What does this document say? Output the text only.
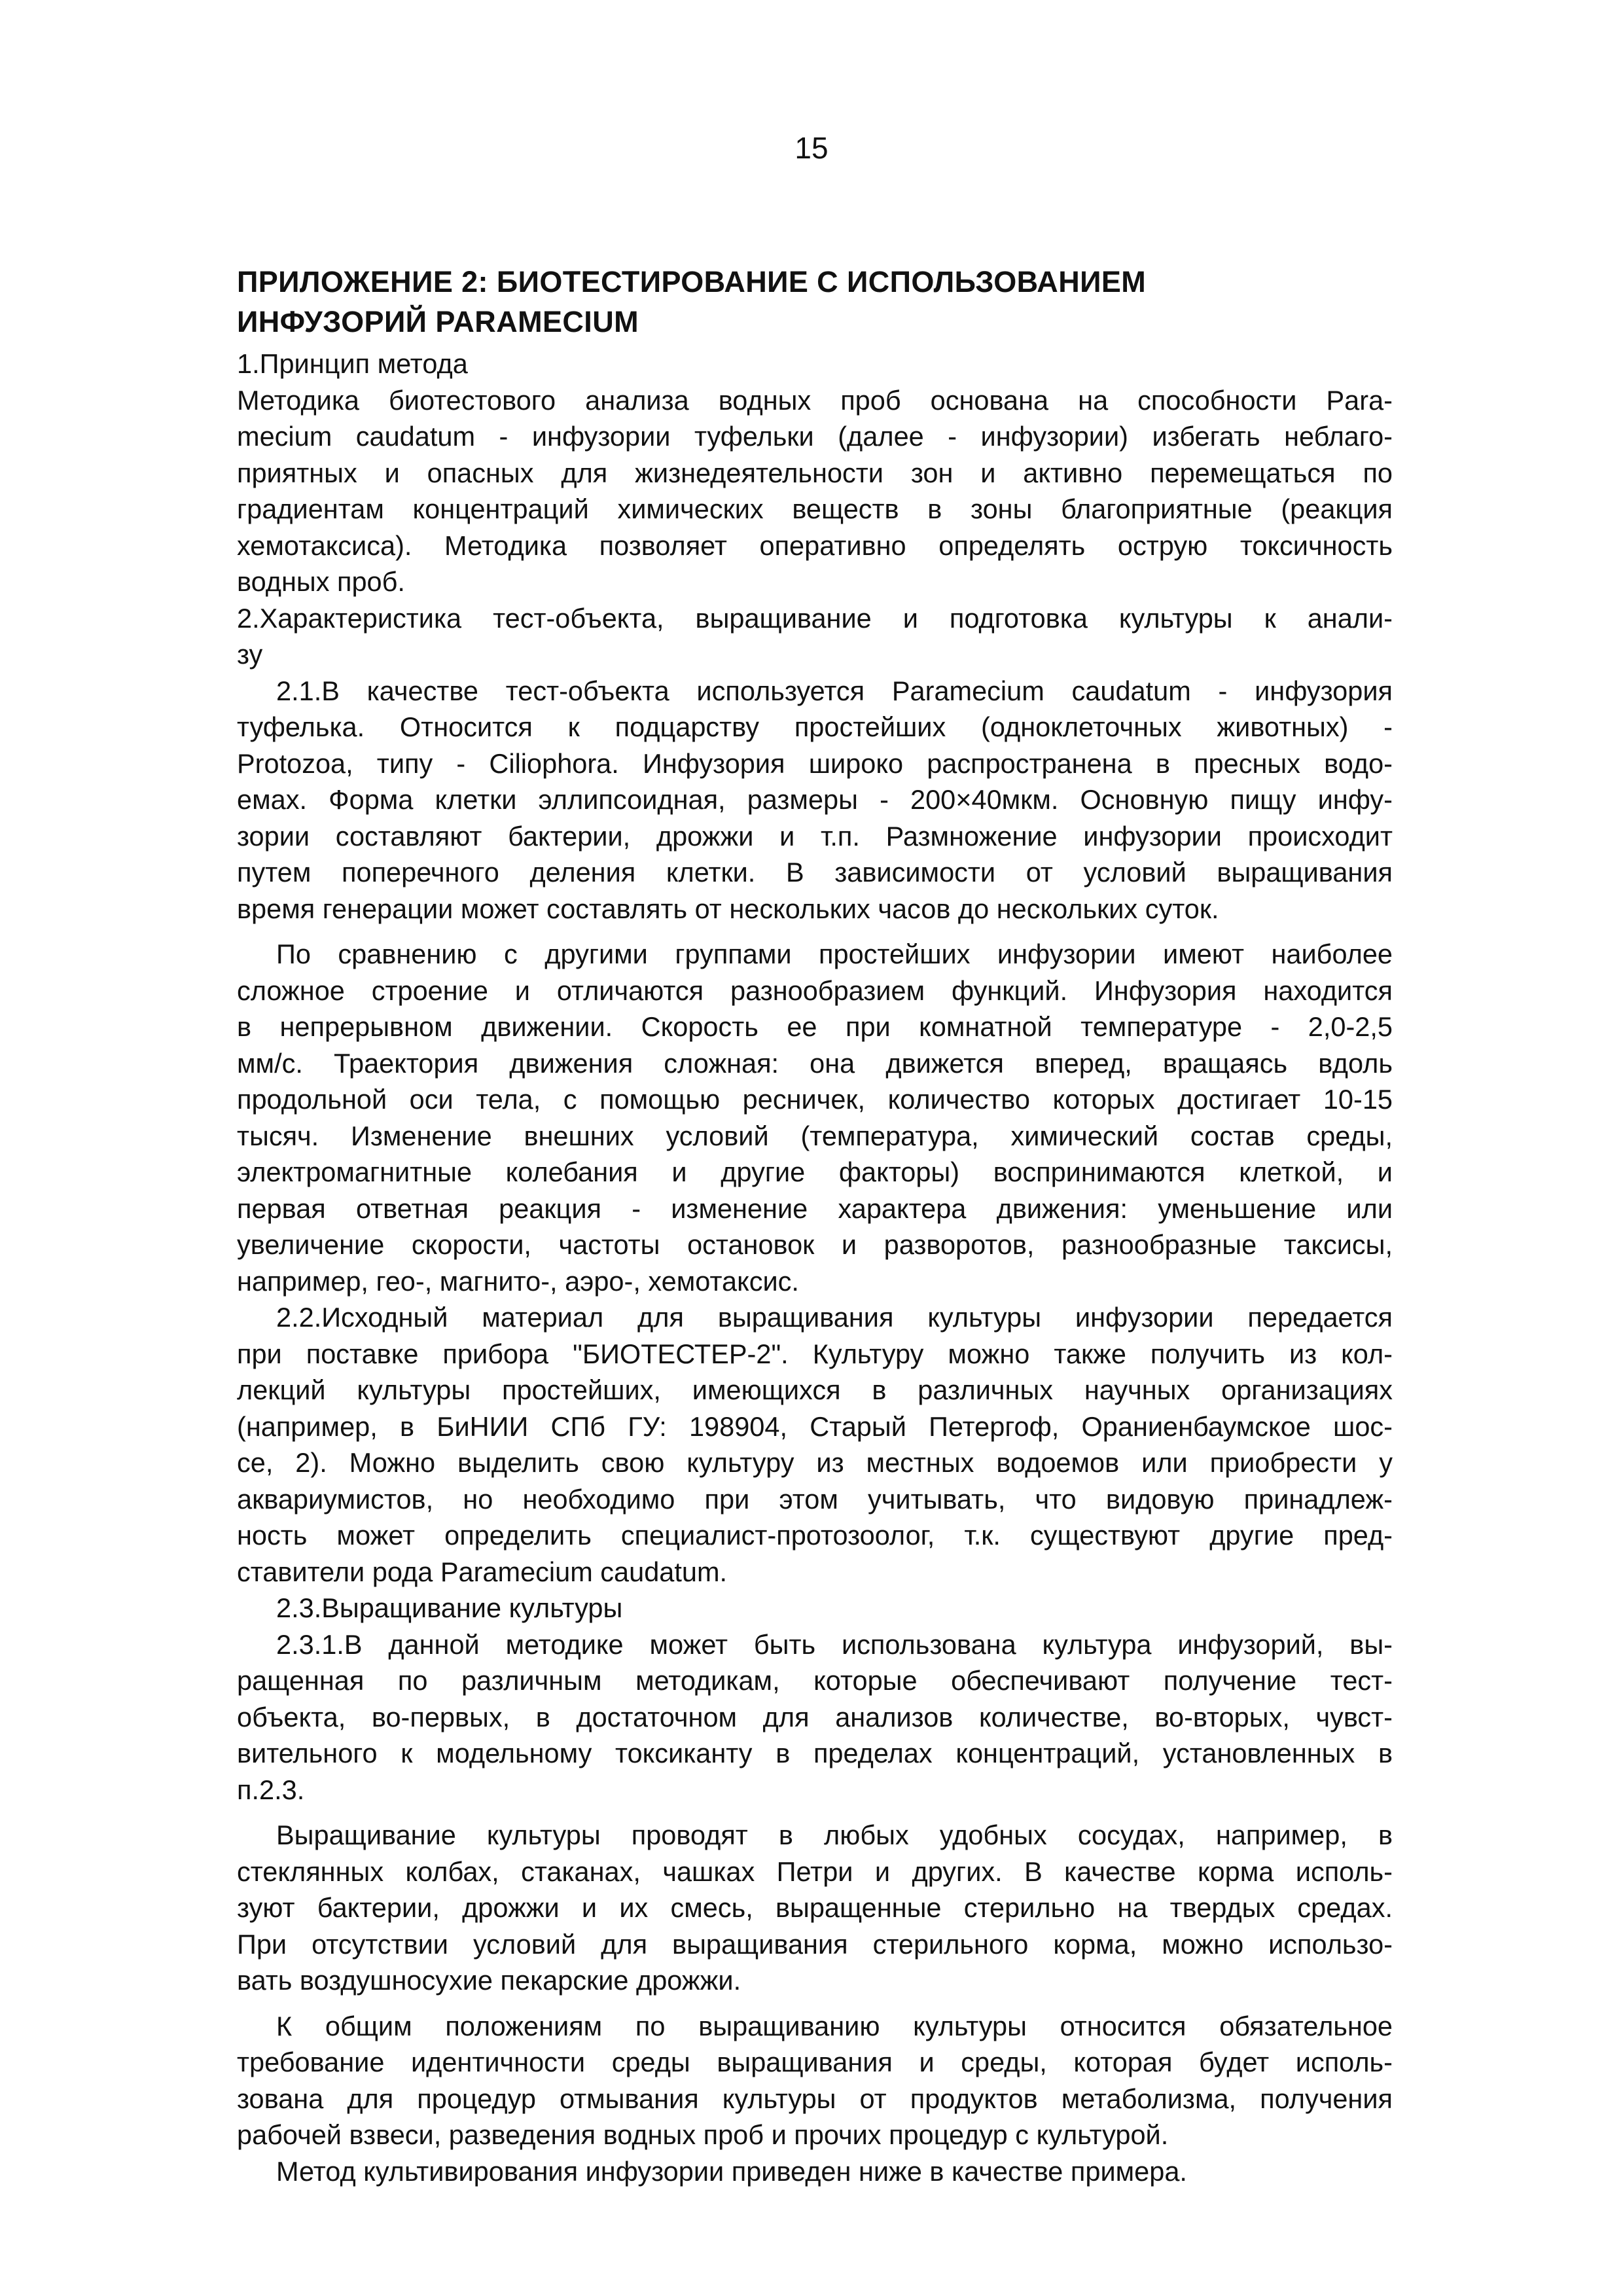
15
ПРИЛОЖЕНИЕ 2: БИОТЕСТИРОВАНИЕ С ИСПОЛЬЗОВАНИЕМ
ИНФУЗОРИЙ PARAMECIUM
1.Принцип метода
Методика биотестового анализа водных проб основана на способности Para-
mecium caudatum - инфузории туфельки (далее - инфузории) избегать неблаго-
приятных и опасных для жизнедеятельности зон и активно перемещаться по
градиентам концентраций химических веществ в зоны благоприятные (реакция
хемотаксиса). Методика позволяет оперативно определять острую токсичность
водных проб.
2.Характеристика тест-объекта, выращивание и подготовка культуры к анали-
зу
2.1.В качестве тест-объекта используется Paramecium caudatum - инфузория
туфелька. Относится к подцарству простейших (одноклеточных животных) -
Protozoa, типу - Ciliophora. Инфузория широко распространена в пресных водо-
емах. Форма клетки эллипсоидная, размеры - 200×40мкм. Основную пищу инфу-
зории составляют бактерии, дрожжи и т.п. Размножение инфузории происходит
путем поперечного деления клетки. В зависимости от условий выращивания
время генерации может составлять от нескольких часов до нескольких суток.
По сравнению с другими группами простейших инфузории имеют наиболее
сложное строение и отличаются разнообразием функций. Инфузория находится
в непрерывном движении. Скорость ее при комнатной температуре - 2,0-2,5
мм/с. Траектория движения сложная: она движется вперед, вращаясь вдоль
продольной оси тела, с помощью ресничек, количество которых достигает 10-15
тысяч. Изменение внешних условий (температура, химический состав среды,
электромагнитные колебания и другие факторы) воспринимаются клеткой, и
первая ответная реакция - изменение характера движения: уменьшение или
увеличение скорости, частоты остановок и разворотов, разнообразные таксисы,
например, гео-, магнито-, аэро-, хемотаксис.
2.2.Исходный материал для выращивания культуры инфузории передается
при поставке прибора "БИОТЕСТЕР-2". Культуру можно также получить из кол-
лекций культуры простейших, имеющихся в различных научных организациях
(например, в БиНИИ СПб ГУ: 198904, Старый Петергоф, Ораниенбаумское шос-
се, 2). Можно выделить свою культуру из местных водоемов или приобрести у
аквариумистов, но необходимо при этом учитывать, что видовую принадлеж-
ность может определить специалист-протозоолог, т.к. существуют другие пред-
ставители рода Paramecium caudatum.
2.3.Выращивание культуры
2.3.1.В данной методике может быть использована культура инфузорий, вы-
ращенная по различным методикам, которые обеспечивают получение тест-
объекта, во-первых, в достаточном для анализов количестве, во-вторых, чувст-
вительного к модельному токсиканту в пределах концентраций, установленных в
п.2.3.
Выращивание культуры проводят в любых удобных сосудах, например, в
стеклянных колбах, стаканах, чашках Петри и других. В качестве корма исполь-
зуют бактерии, дрожжи и их смесь, выращенные стерильно на твердых средах.
При отсутствии условий для выращивания стерильного корма, можно использо-
вать воздушносухие пекарские дрожжи.
К общим положениям по выращиванию культуры относится обязательное
требование идентичности среды выращивания и среды, которая будет исполь-
зована для процедур отмывания культуры от продуктов метаболизма, получения
рабочей взвеси, разведения водных проб и прочих процедур с культурой.
Метод культивирования инфузории приведен ниже в качестве примера.
